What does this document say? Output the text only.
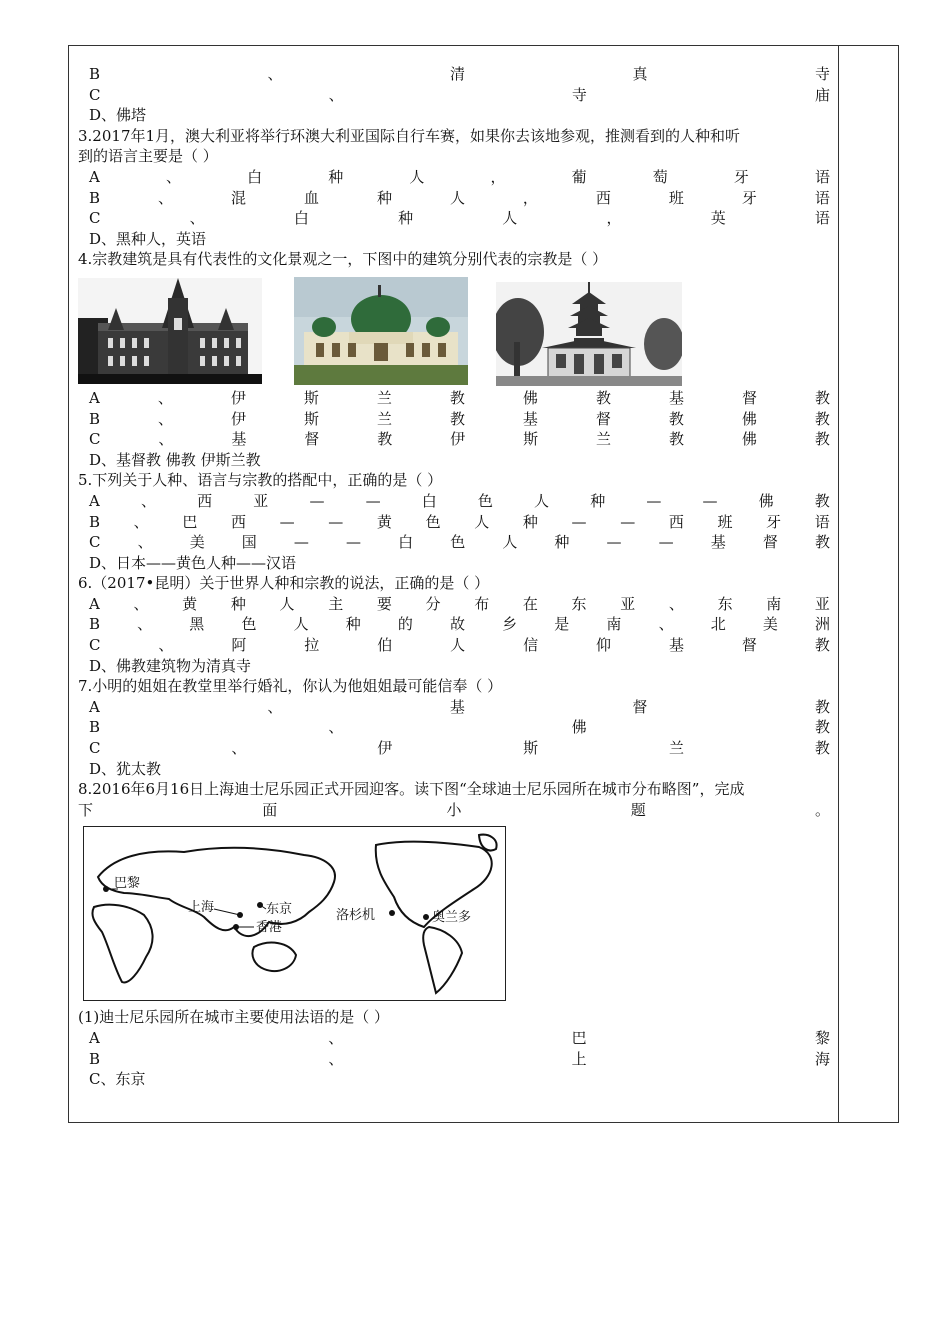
B	、	清	真	寺
C	、	寺	庙
D、佛塔
3.2017年1月，澳大利亚将举行环澳大利亚国际自行车赛，如果你去该地参观，推测看到的人种和听
到的语言主要是（ ）
A	、	白	种	人	，	葡	萄	牙	语
B	、	混	血	种	人	，	西	班	牙	语
C	、	白	种	人	，	英	语
D、黑种人，英语
4.宗教建筑是具有代表性的文化景观之一，下图中的建筑分别代表的宗教是（ ）
A	、	伊	斯	兰	教	佛	教	基	督	教
B	、	伊	斯	兰	教	基	督	教	佛	教
C	、	基	督	教	伊	斯	兰	教	佛	教
D、基督教 佛教 伊斯兰教
5.下列关于人种、语言与宗教的搭配中，正确的是（ ）
A	、	西	亚	—	—	白	色	人	种	—	—	佛	教
B 、 巴 西 — — 黄 色 人 种 — — 西 班 牙 语
C 、 美 国 — — 白 色 人 种 — — 基 督 教
D、日本——黄色人种——汉语
6.（2017•昆明）关于世界人种和宗教的说法，正确的是（ ）
A 、 黄 种 人 主 要 分 布 在 东 亚 、 东 南 亚
B 、 黑 色 人 种 的 故 乡 是 南 、 北 美 洲
C	、	阿	拉	伯	人	信	仰	基	督	教
D、佛教建筑物为清真寺
7.小明的姐姐在教堂里举行婚礼，你认为他姐姐最可能信奉（ ）
A	、	基	督	教
B	、	佛	教
C	、	伊	斯	兰	教
D、犹太教
8.2016年6月16日上海迪士尼乐园正式开园迎客。读下图“全球迪士尼乐园所在城市分布略图”，完成
下	面	小	题	。
巴黎
上海	东京
香港
洛杉机	奥兰多
(1)迪士尼乐园所在城市主要使用法语的是（ ）
A	、	巴	黎
B	、	上	海
C、东京
